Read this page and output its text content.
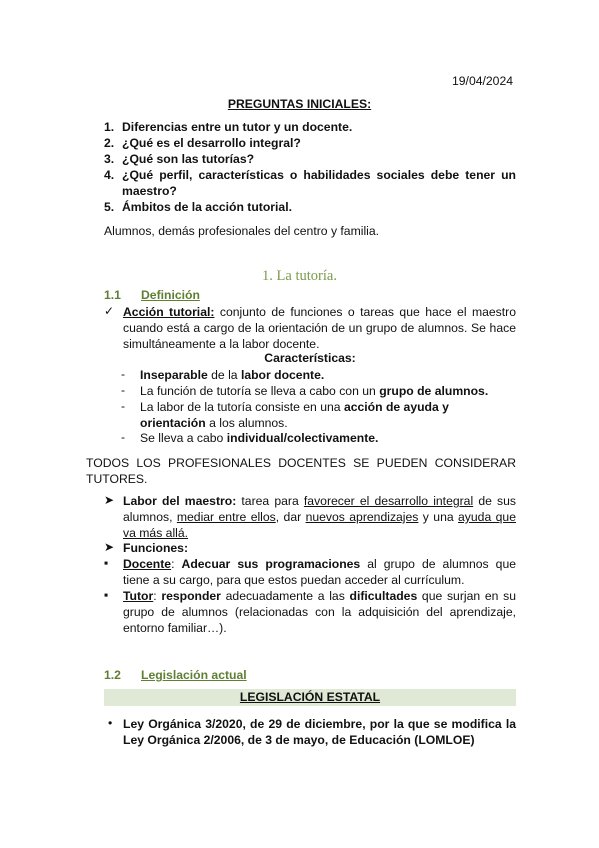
19/04/2024
PREGUNTAS INICIALES:
1. Diferencias entre un tutor y un docente.
2. ¿Qué es el desarrollo integral?
3. ¿Qué son las tutorías?
4. ¿Qué perfil, características o habilidades sociales debe tener un maestro?
5. Ámbitos de la acción tutorial.
Alumnos, demás profesionales del centro y familia.
1. La tutoría.
1.1 Definición
✓ Acción tutorial: conjunto de funciones o tareas que hace el maestro cuando está a cargo de la orientación de un grupo de alumnos. Se hace simultáneamente a la labor docente.
Características:
- Inseparable de la labor docente.
- La función de tutoría se lleva a cabo con un grupo de alumnos.
- La labor de la tutoría consiste en una acción de ayuda y orientación a los alumnos.
- Se lleva a cabo individual/colectivamente.
TODOS LOS PROFESIONALES DOCENTES SE PUEDEN CONSIDERAR TUTORES.
➤ Labor del maestro: tarea para favorecer el desarrollo integral de sus alumnos, mediar entre ellos, dar nuevos aprendizajes y una ayuda que va más allá.
➤ Funciones:
▪ Docente: Adecuar sus programaciones al grupo de alumnos que tiene a su cargo, para que estos puedan acceder al currículum.
▪ Tutor: responder adecuadamente a las dificultades que surjan en su grupo de alumnos (relacionadas con la adquisición del aprendizaje, entorno familiar…).
1.2 Legislación actual
LEGISLACIÓN ESTATAL
• Ley Orgánica 3/2020, de 29 de diciembre, por la que se modifica la Ley Orgánica 2/2006, de 3 de mayo, de Educación (LOMLOE)
